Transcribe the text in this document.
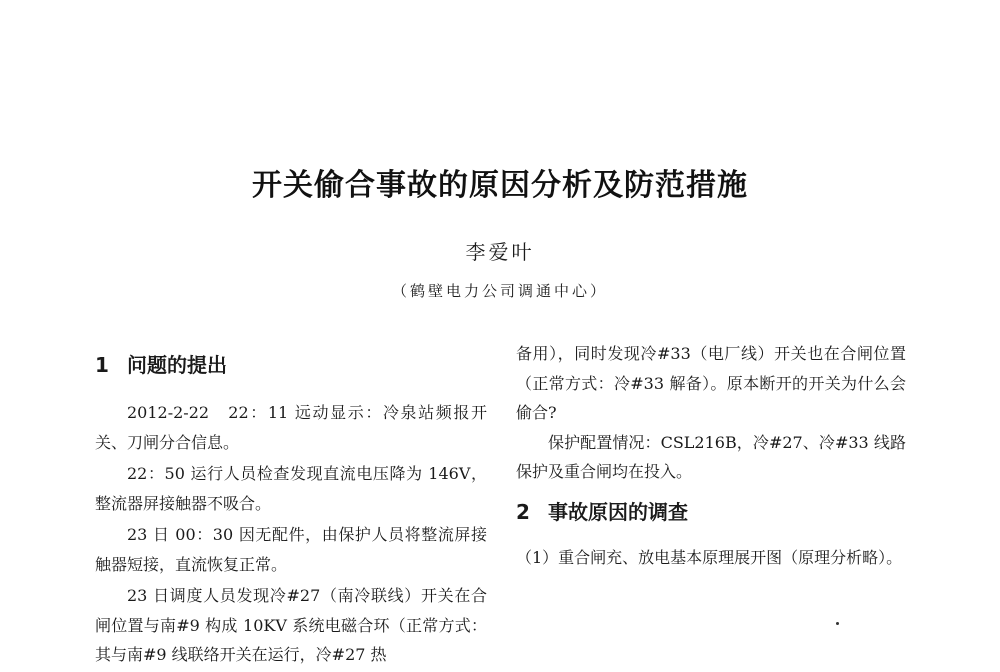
开关偷合事故的原因分析及防范措施
李爱叶
（鹤壁电力公司调通中心）
1 问题的提出

2012-2-22　22：11 远动显示：冷泉站频报开关、刀闸分合信息。

22：50 运行人员检查发现直流电压降为 146V，整流器屏接触器不吸合。

23 日 00：30 因无配件，由保护人员将整流屏接触器短接，直流恢复正常。

23 日调度人员发现冷#27（南冷联线）开关在合闸位置与南#9 构成 10KV 系统电磁合环（正常方式：其与南#9 线联络开关在运行，冷#27 热

备用），同时发现冷#33（电厂线）开关也在合闸位置（正常方式：冷#33 解备）。原本断开的开关为什么会偷合?

保护配置情况：CSL216B，冷#27、冷#33 线路保护及重合闸均在投入。

2 事故原因的调查

（1）重合闸充、放电基本原理展开图（原理分析略）。
